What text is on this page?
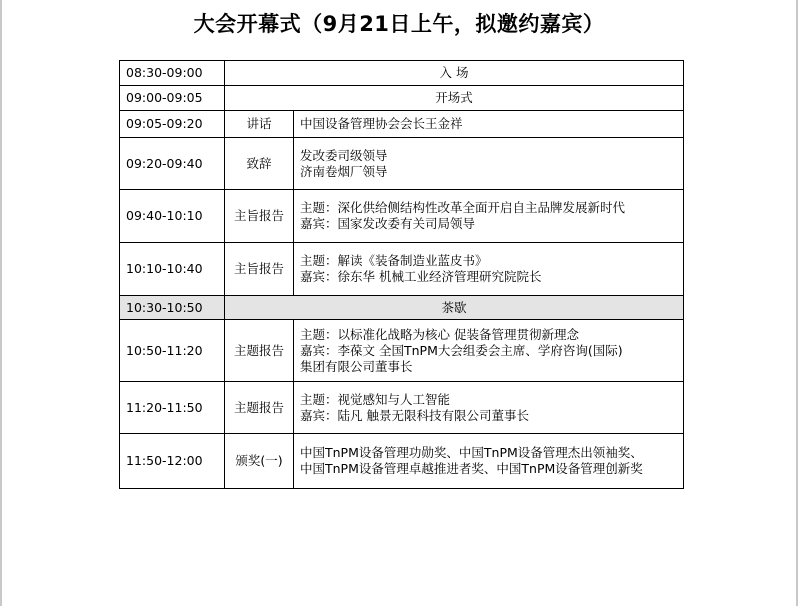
大会开幕式（9月21日上午，拟邀约嘉宾）
08:30-09:00	入 场	
09:00-09:05	开场式	
09:05-09:20	讲话	中国设备管理协会会长王金祥

09:20-09:40	致辞	发改委司级领导
济南卷烟厂领导

09:40-10:10	主旨报告	主题：深化供给侧结构性改革全面开启自主品牌发展新时代
嘉宾：国家发改委有关司局领导

10:10-10:40	主旨报告	主题：解读《装备制造业蓝皮书》
嘉宾：徐东华 机械工业经济管理研究院院长

10:30-10:50	茶歇	
10:50-11:20	主题报告	主题：以标准化战略为核心 促装备管理贯彻新理念
嘉宾：李葆文 全国TnPM大会组委会主席、学府咨询(国际)
集团有限公司董事长

11:20-11:50	主题报告	主题：视觉感知与人工智能
嘉宾：陆凡 触景无限科技有限公司董事长

11:50-12:00	颁奖(一)	中国TnPM设备管理功勋奖、中国TnPM设备管理杰出领袖奖、
中国TnPM设备管理卓越推进者奖、中国TnPM设备管理创新奖
